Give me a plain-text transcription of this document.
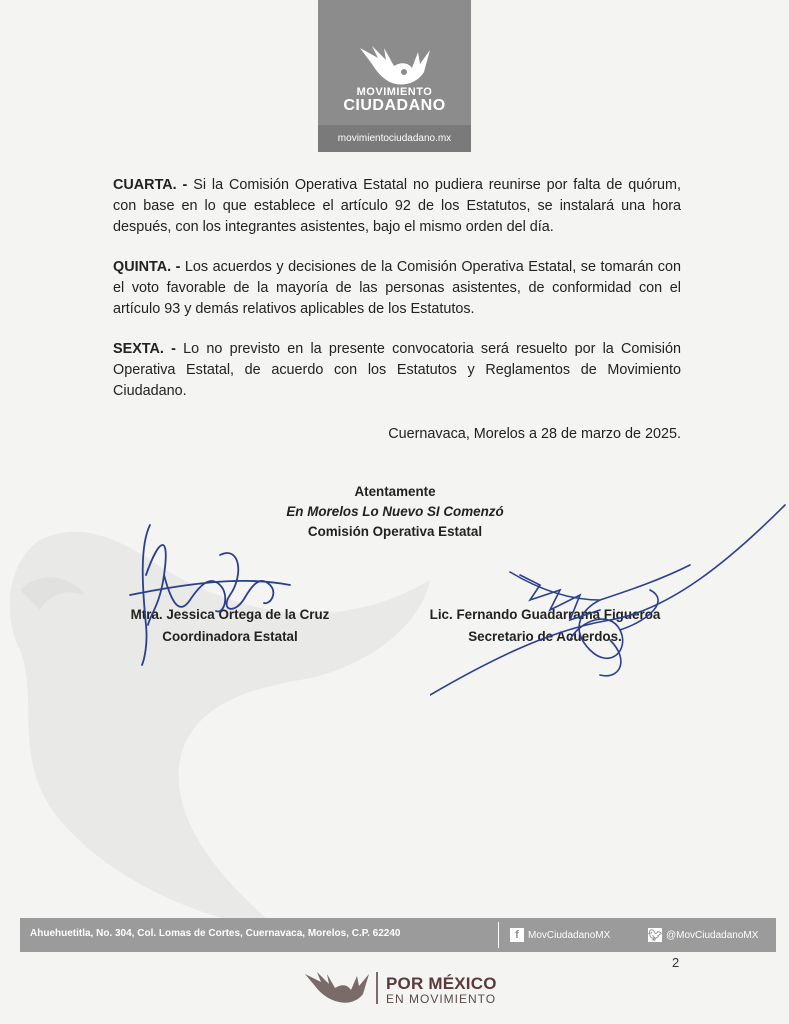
MOVIMIENTO
CIUDADANO
movimientociudadano.mx

CUARTA. - Si la Comisión Operativa Estatal no pudiera reunirse por falta de quórum, con base en lo que establece el artículo 92 de los Estatutos, se instalará una hora después, con los integrantes asistentes, bajo el mismo orden del día.

QUINTA. - Los acuerdos y decisiones de la Comisión Operativa Estatal, se tomarán con el voto favorable de la mayoría de las personas asistentes, de conformidad con el artículo 93 y demás relativos aplicables de los Estatutos.

SEXTA. - Lo no previsto en la presente convocatoria será resuelto por la Comisión Operativa Estatal, de acuerdo con los Estatutos y Reglamentos de Movimiento Ciudadano.

Cuernavaca, Morelos a 28 de marzo de 2025.
Atentamente
En Morelos Lo Nuevo SI Comenzó
Comisión Operativa Estatal
Mtra. Jessica Ortega de la Cruz
Coordinadora Estatal
Lic. Fernando Guadarrama Figueroa
Secretario de Acuerdos.
Ahuehuetitla, No. 304, Col. Lomas de Cortes, Cuernavaca, Morelos, C.P. 62240	f MovCiudadanoMX	🐦︎ @MovCiudadanoMX
2
POR MÉXICO
EN MOVIMIENTO
